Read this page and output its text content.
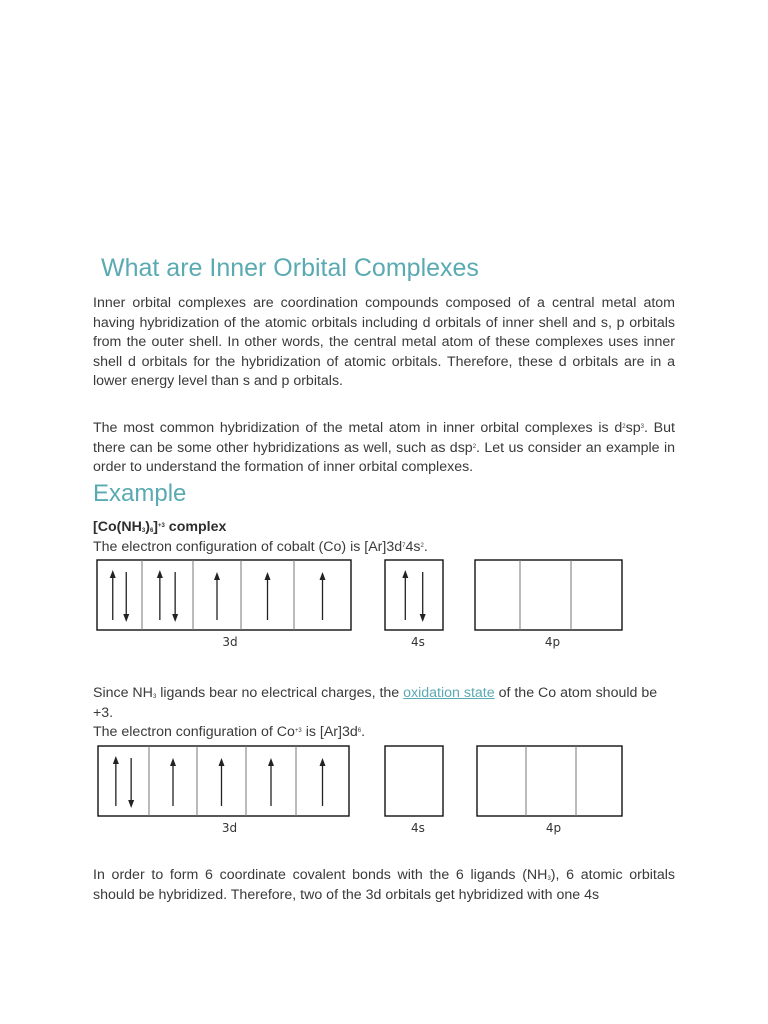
What are Inner Orbital Complexes

Inner orbital complexes are coordination compounds composed of a central metal atom having hybridization of the atomic orbitals including d orbitals of inner shell and s, p orbitals from the outer shell. In other words, the central metal atom of these complexes uses inner shell d orbitals for the hybridization of atomic orbitals. Therefore, these d orbitals are in a lower energy level than s and p orbitals.

The most common hybridization of the metal atom in inner orbital complexes is $d^2sp^3$. But there can be some other hybridizations as well, such as dsp$^2$. Let us consider an example in order to understand the formation of inner orbital complexes.

Example

$[Co(NH_3)_6]^{+3}$ complex

The electron configuration of cobalt (Co) is $[Ar]3d^74s^2$.

3d	4s	4p

Since $NH_3$ ligands bear no electrical charges, the oxidation state of the Co atom should be +3.
The electron configuration of $Co^{+3}$ is $[Ar]3d^6$.

3d	4s	4p

In order to form 6 coordinate covalent bonds with the 6 ligands $(NH_3)$, 6 atomic orbitals should be hybridized. Therefore, two of the 3d orbitals get hybridized with one 4s
